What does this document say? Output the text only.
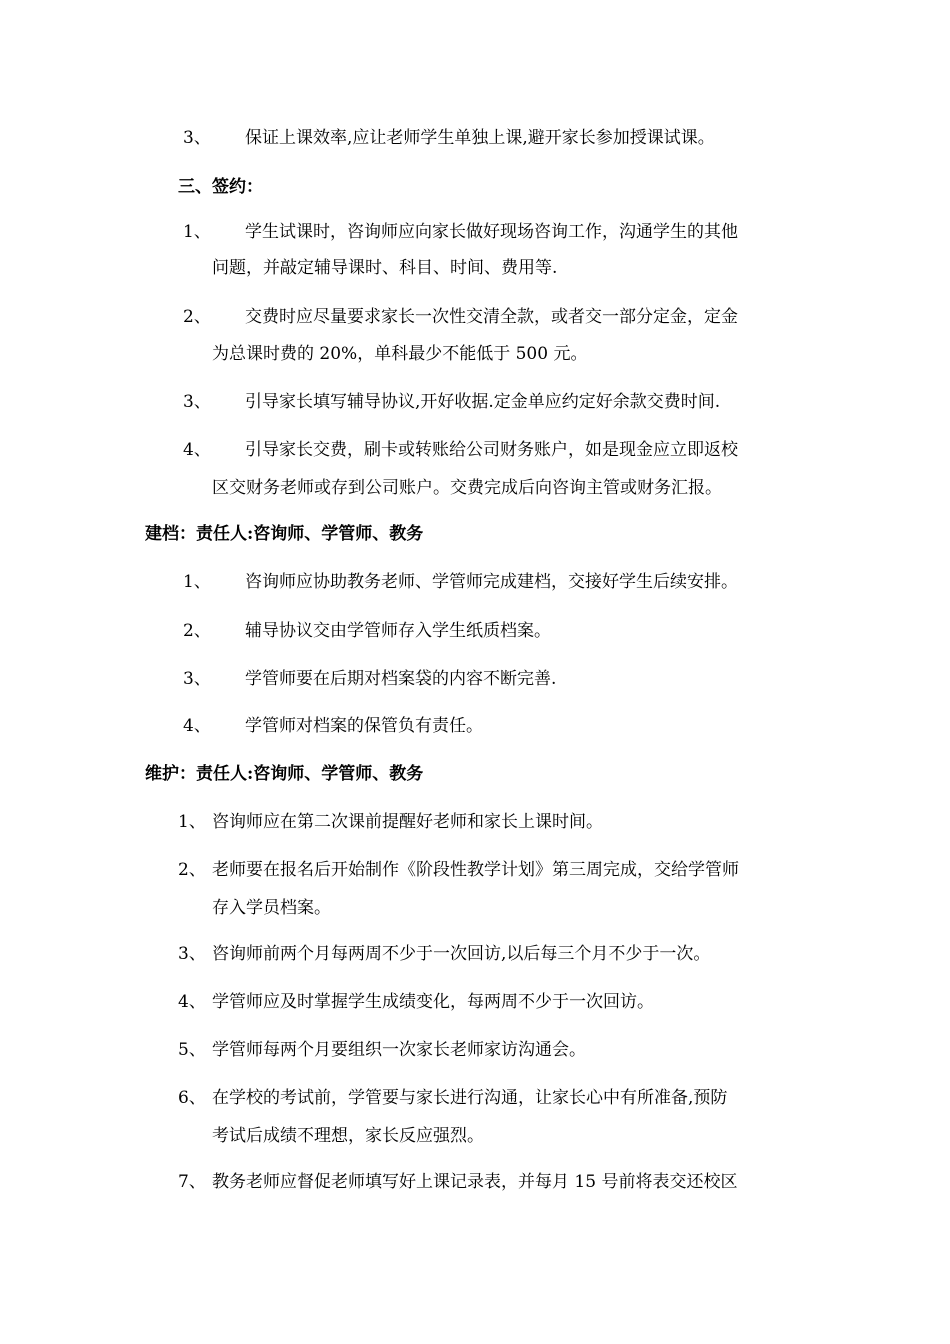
3、 保证上课效率,应让老师学生单独上课,避开家长参加授课试课。
三、签约：
1、 学生试课时，咨询师应向家长做好现场咨询工作，沟通学生的其他
问题，并敲定辅导课时、科目、时间、费用等.
2、 交费时应尽量要求家长一次性交清全款，或者交一部分定金，定金
为总课时费的 20%，单科最少不能低于 500 元。
3、 引导家长填写辅导协议,开好收据.定金单应约定好余款交费时间.
4、 引导家长交费，刷卡或转账给公司财务账户，如是现金应立即返校
区交财务老师或存到公司账户。交费完成后向咨询主管或财务汇报。
建档：责任人:咨询师、学管师、教务
1、 咨询师应协助教务老师、学管师完成建档，交接好学生后续安排。
2、 辅导协议交由学管师存入学生纸质档案。
3、 学管师要在后期对档案袋的内容不断完善.
4、 学管师对档案的保管负有责任。
维护：责任人:咨询师、学管师、教务
1、 咨询师应在第二次课前提醒好老师和家长上课时间。
2、 老师要在报名后开始制作《阶段性教学计划》第三周完成，交给学管师
存入学员档案。
3、 咨询师前两个月每两周不少于一次回访,以后每三个月不少于一次。
4、 学管师应及时掌握学生成绩变化，每两周不少于一次回访。
5、 学管师每两个月要组织一次家长老师家访沟通会。
6、 在学校的考试前，学管要与家长进行沟通，让家长心中有所准备,预防
考试后成绩不理想，家长反应强烈。
7、 教务老师应督促老师填写好上课记录表，并每月 15 号前将表交还校区
